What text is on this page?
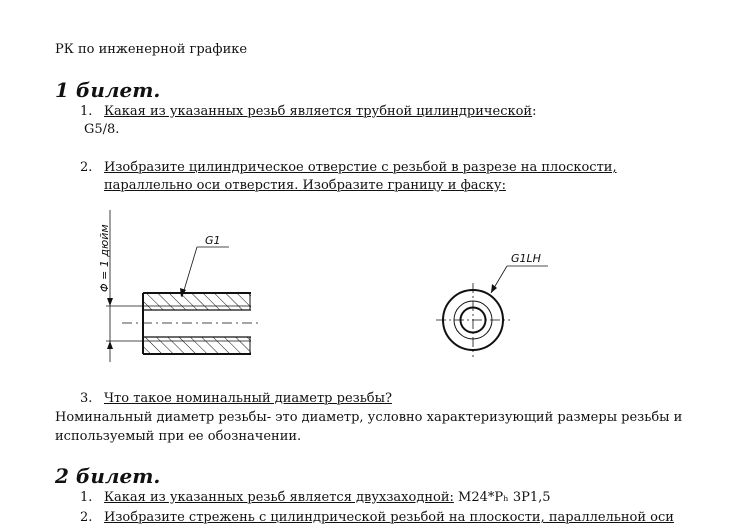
РК по инженерной графике
1 билет.
1. Какая из указанных резьб является трубной цилиндрической:
G5/8.
2. Изобразите цилиндрическое отверстие с резьбой в разрезе на плоскости,
параллельно оси отверстия. Изобразите границу и фаску:
Φ = 1 дюйм	G1
G1LH
3. Что такое номинальный диаметр резьбы?
Номинальный диаметр резьбы- это диаметр, условно характеризующий размеры резьбы и
используемый при ее обозначении.
2 билет.
1. Какая из указанных резьб является двухзаходной: М24*Pₕ 3P1,5
2. Изобразите стрежень с цилиндрической резьбой на плоскости, параллельной оси
